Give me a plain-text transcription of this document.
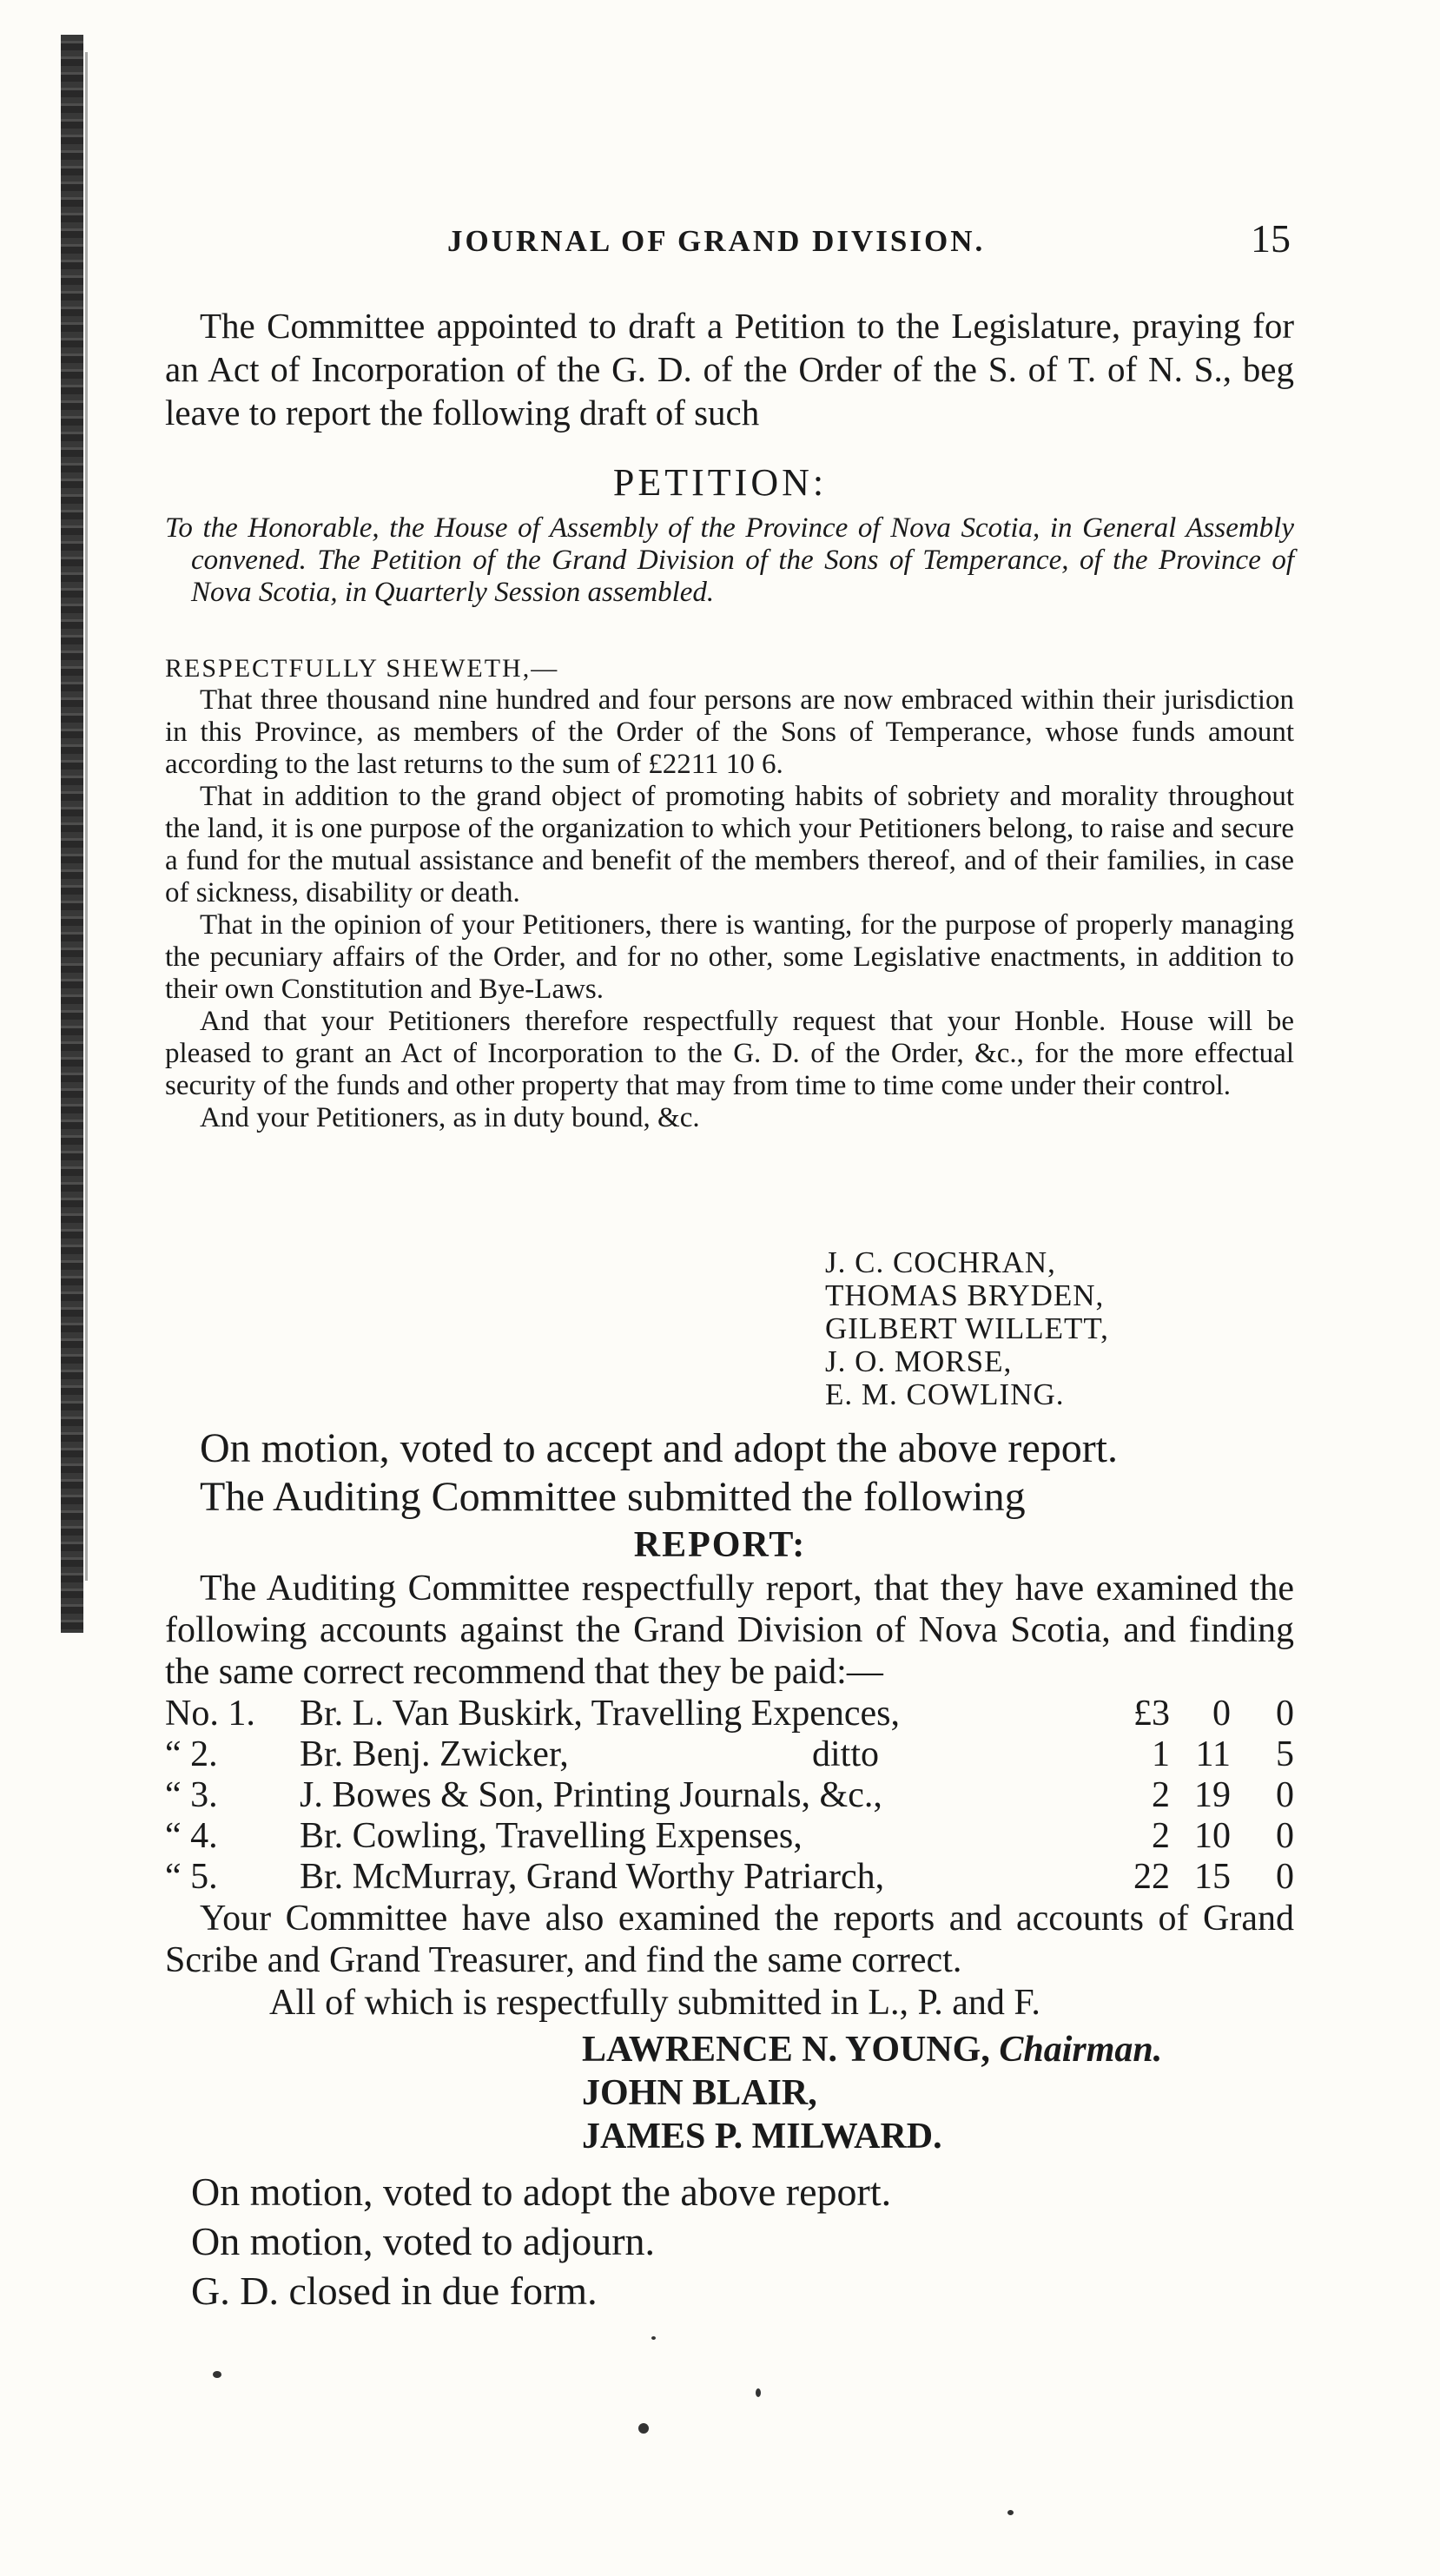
JOURNAL OF GRAND DIVISION.	15
The Committee appointed to draft a Petition to the Legislature, praying for an Act of Incorporation of the G. D. of the Order of the S. of T. of N. S., beg leave to report the following draft of such
PETITION:
To the Honorable, the House of Assembly of the Province of Nova Scotia, in General Assembly convened. The Petition of the Grand Division of the Sons of Temperance, of the Province of Nova Scotia, in Quarterly Session assembled.
RESPECTFULLY SHEWETH,—

That three thousand nine hundred and four persons are now embraced within their jurisdiction in this Province, as members of the Order of the Sons of Temperance, whose funds amount according to the last returns to the sum of £2211 10 6.

That in addition to the grand object of promoting habits of sobriety and morality throughout the land, it is one purpose of the organization to which your Petitioners belong, to raise and secure a fund for the mutual assistance and benefit of the members thereof, and of their families, in case of sickness, disability or death.

That in the opinion of your Petitioners, there is wanting, for the purpose of properly managing the pecuniary affairs of the Order, and for no other, some Legislative enactments, in addition to their own Constitution and Bye-Laws.

And that your Petitioners therefore respectfully request that your Honble. House will be pleased to grant an Act of Incorporation to the G. D. of the Order, &c., for the more effectual security of the funds and other property that may from time to time come under their control.

And your Petitioners, as in duty bound, &c.

J. C. COCHRAN,
THOMAS BRYDEN,
GILBERT WILLETT,
J. O. MORSE,
E. M. COWLING.

On motion, voted to accept and adopt the above report.

The Auditing Committee submitted the following

REPORT:

The Auditing Committee respectfully report, that they have examined the following accounts against the Grand Division of Nova Scotia, and finding the same correct recommend that they be paid:—

No. 1. Br. L. Van Buskirk, Travelling Expences,	£3 0 0
“ 2. Br. Benj. Zwicker,	ditto	1 11 5
“ 3. J. Bowes & Son, Printing Journals, &c.,	2 19 0
“ 4. Br. Cowling, Travelling Expenses,	2 10 0
“ 5. Br. McMurray, Grand Worthy Patriarch,	22 15 0

Your Committee have also examined the reports and accounts of Grand Scribe and Grand Treasurer, and find the same correct.

All of which is respectfully submitted in L., P. and F.
LAWRENCE N. YOUNG, Chairman.
JOHN BLAIR,
JAMES P. MILWARD.
On motion, voted to adopt the above report.
On motion, voted to adjourn.
G. D. closed in due form.
